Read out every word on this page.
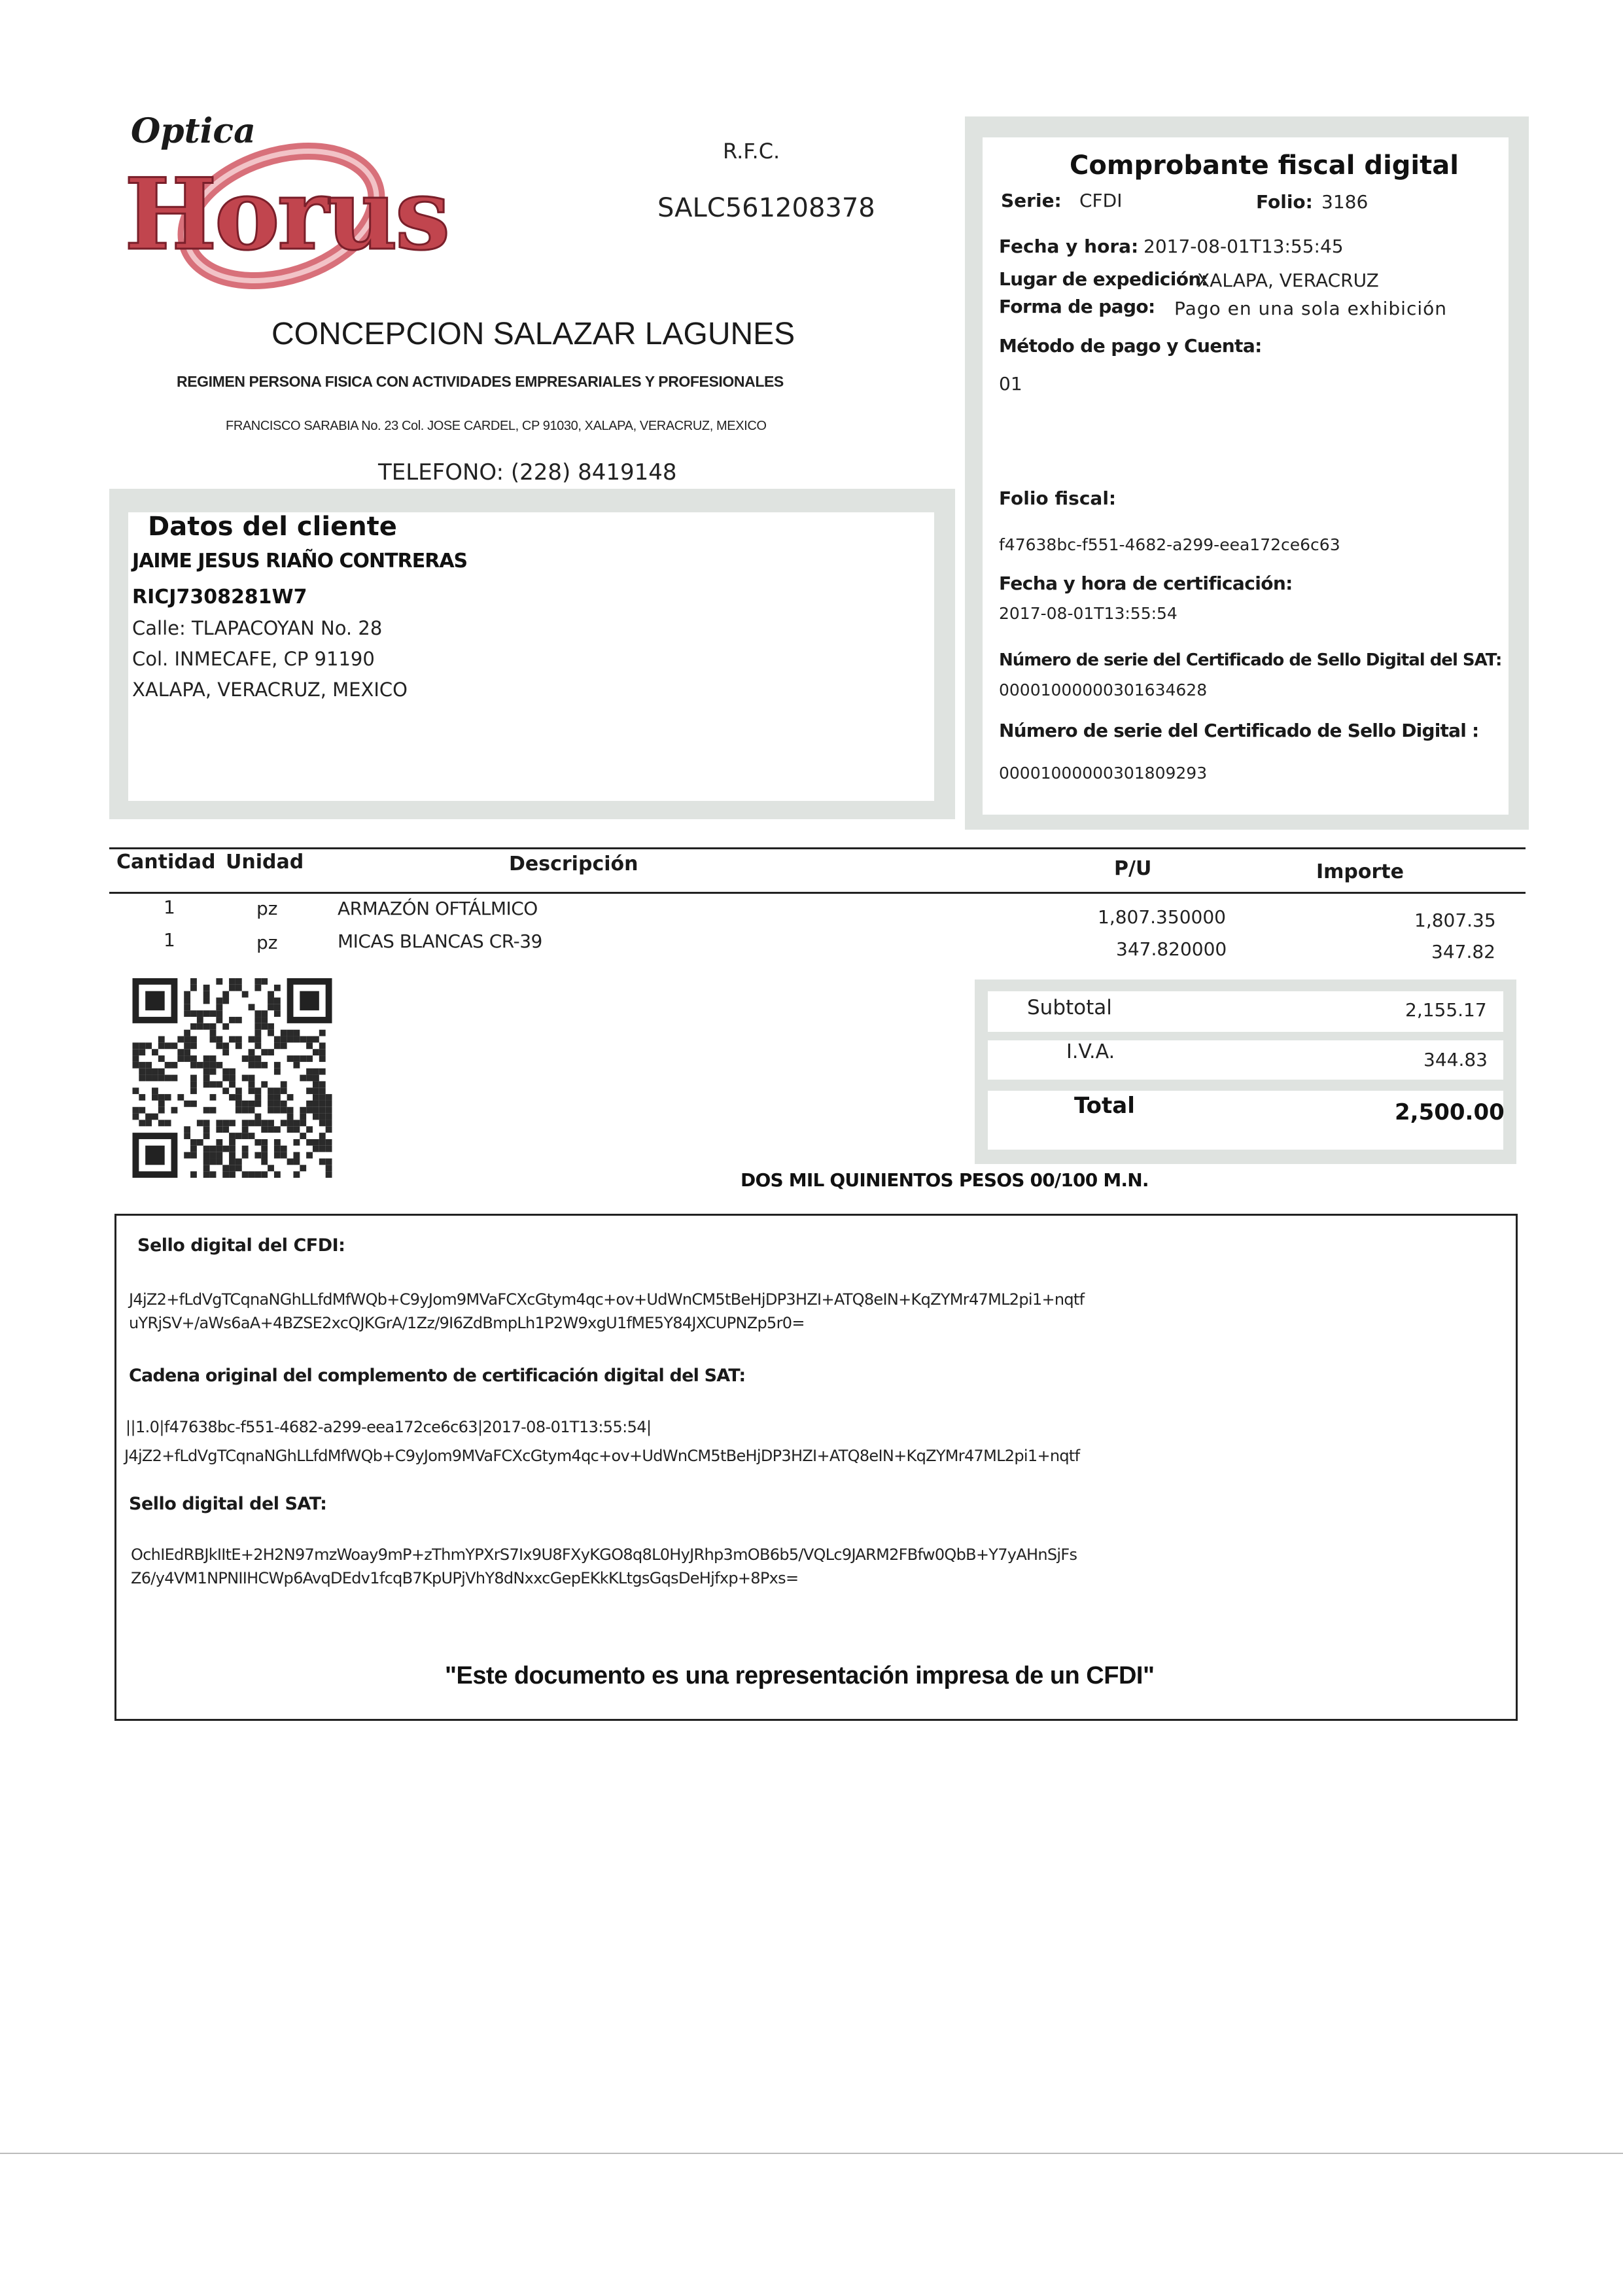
Optica
Horus
R.F.C.
SALC561208378
CONCEPCION SALAZAR LAGUNES
REGIMEN PERSONA FISICA CON ACTIVIDADES EMPRESARIALES Y PROFESIONALES
FRANCISCO SARABIA No. 23 Col. JOSE CARDEL, CP 91030, XALAPA, VERACRUZ, MEXICO
TELEFONO: (228) 8419148
Datos del cliente
JAIME JESUS RIAÑO CONTRERAS
RICJ7308281W7
Calle: TLAPACOYAN No. 28
Col. INMECAFE, CP 91190
XALAPA, VERACRUZ, MEXICO
Comprobante fiscal digital
Serie: CFDI	Folio: 3186
Fecha y hora: 2017-08-01T13:55:45
Lugar de expedición:
XALAPA, VERACRUZ
Forma de pago: Pago en una sola exhibición
Método de pago y Cuenta:
01
Folio fiscal:
f47638bc-f551-4682-a299-eea172ce6c63
Fecha y hora de certificación:
2017-08-01T13:55:54
Número de serie del Certificado de Sello Digital del SAT:
00001000000301634628
Número de serie del Certificado de Sello Digital :
00001000000301809293
Cantidad Unidad	Descripción	P/U	Importe
1	pz	ARMAZÓN OFTÁLMICO	1,807.350000	1,807.35
1	pz	MICAS BLANCAS CR-39	347.820000	347.82
Subtotal	2,155.17
I.V.A.	344.83
Total	2,500.00
DOS MIL QUINIENTOS PESOS 00/100 M.N.
Sello digital del CFDI:
J4jZ2+fLdVgTCqnaNGhLLfdMfWQb+C9yJom9MVaFCXcGtym4qc+ov+UdWnCM5tBeHjDP3HZI+ATQ8eIN+KqZYMr47ML2pi1+nqtf
uYRjSV+/aWs6aA+4BZSE2xcQJKGrA/1Zz/9I6ZdBmpLh1P2W9xgU1fME5Y84JXCUPNZp5r0=
Cadena original del complemento de certificación digital del SAT:
||1.0|f47638bc-f551-4682-a299-eea172ce6c63|2017-08-01T13:55:54|
J4jZ2+fLdVgTCqnaNGhLLfdMfWQb+C9yJom9MVaFCXcGtym4qc+ov+UdWnCM5tBeHjDP3HZI+ATQ8eIN+KqZYMr47ML2pi1+nqtf
Sello digital del SAT:
OchIEdRBJkIItE+2H2N97mzWoay9mP+zThmYPXrS7Ix9U8FXyKGO8q8L0HyJRhp3mOB6b5/VQLc9JARM2FBfw0QbB+Y7yAHnSjFs
Z6/y4VM1NPNIIHCWp6AvqDEdv1fcqB7KpUPjVhY8dNxxcGepEKkKLtgsGqsDeHjfxp+8Pxs=
"Este documento es una representación impresa de un CFDI"
